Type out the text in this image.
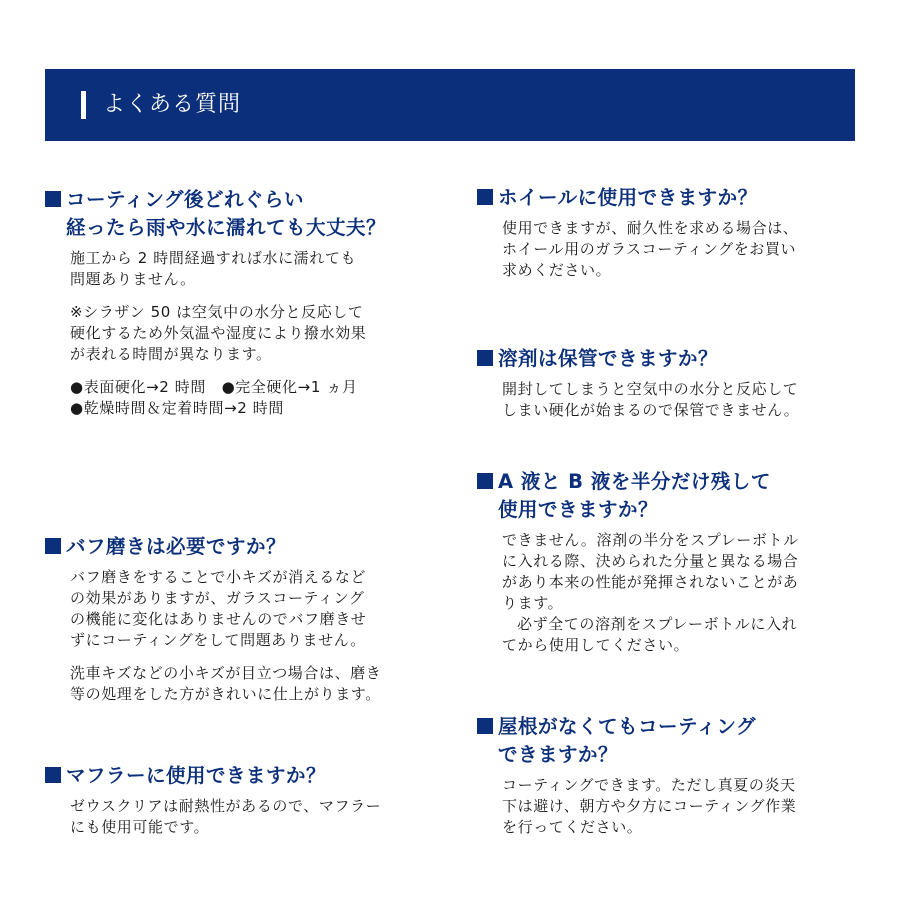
よくある質問
コーティング後どれぐらい
経ったら雨や水に濡れても大丈夫？

施工から 2 時間経過すれば水に濡れても
問題ありません。

※シラザン 50 は空気中の水分と反応して
硬化するため外気温や湿度により撥水効果
が表れる時間が異なります。

●表面硬化→2 時間　●完全硬化→1 ヵ月
●乾燥時間＆定着時間→2 時間

バフ磨きは必要ですか？

バフ磨きをすることで小キズが消えるなど
の効果がありますが、ガラスコーティング
の機能に変化はありませんのでバフ磨きせ
ずにコーティングをして問題ありません。

洗車キズなどの小キズが目立つ場合は、磨き
等の処理をした方がきれいに仕上がります。

マフラーに使用できますか？

ゼウスクリアは耐熱性があるので、マフラー
にも使用可能です。

ホイールに使用できますか？

使用できますが、耐久性を求める場合は、
ホイール用のガラスコーティングをお買い
求めください。

溶剤は保管できますか？

開封してしまうと空気中の水分と反応して
しまい硬化が始まるので保管できません。

A 液と B 液を半分だけ残して
使用できますか？

できません。溶剤の半分をスプレーボトル
に入れる際、決められた分量と異なる場合
があり本来の性能が発揮されないことがあ
ります。
必ず全ての溶剤をスプレーボトルに入れ
てから使用してください。

屋根がなくてもコーティング
できますか？

コーティングできます。ただし真夏の炎天
下は避け、朝方や夕方にコーティング作業
を行ってください。
